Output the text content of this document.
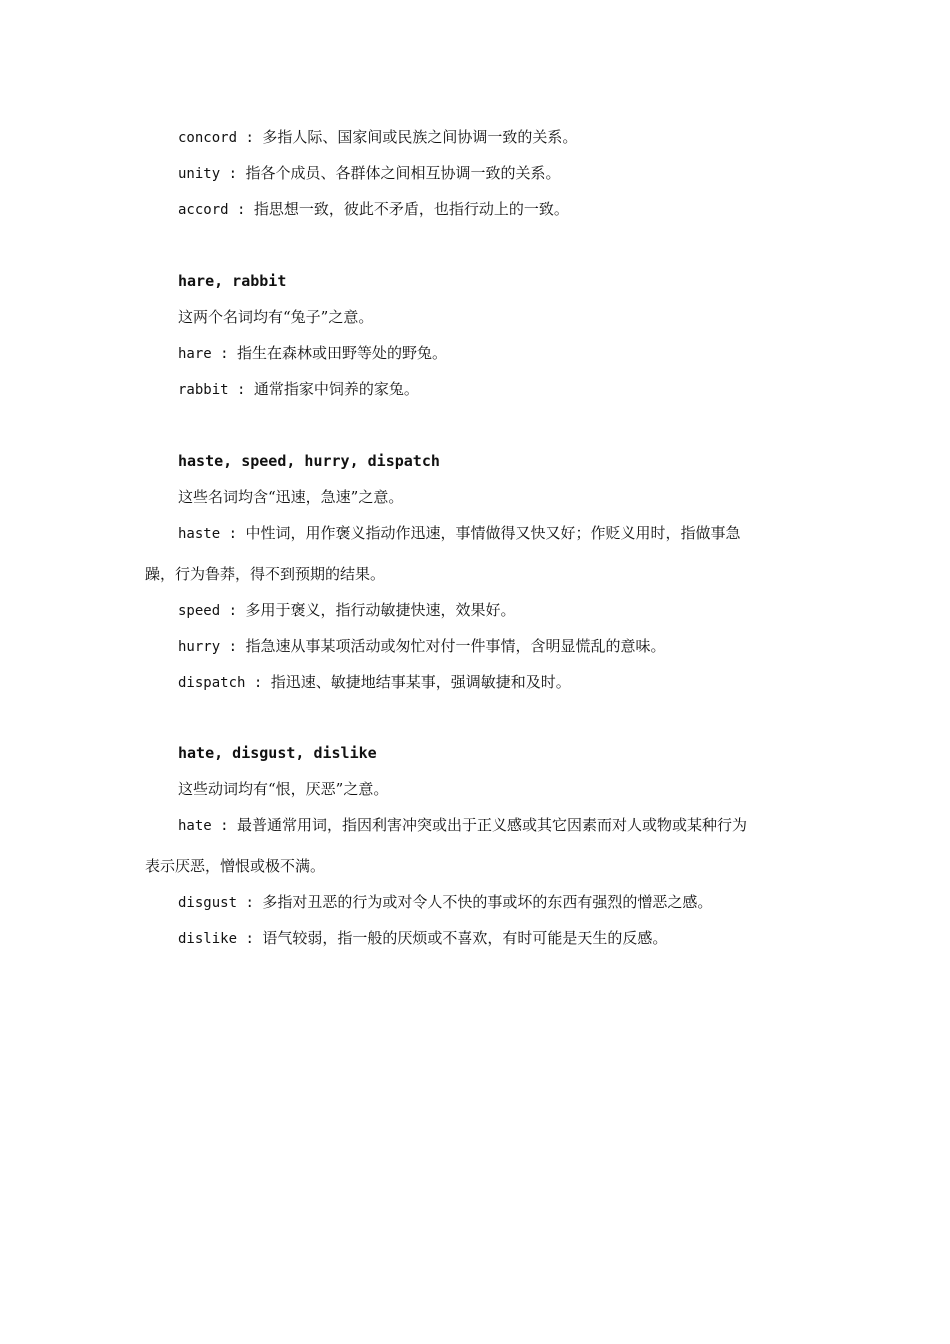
concord : 多指人际、国家间或民族之间协调一致的关系。
unity : 指各个成员、各群体之间相互协调一致的关系。
accord : 指思想一致，彼此不矛盾，也指行动上的一致。
hare, rabbit
这两个名词均有“兔子”之意。
hare : 指生在森林或田野等处的野兔。
rabbit : 通常指家中饲养的家兔。
haste, speed, hurry, dispatch
这些名词均含“迅速，急速”之意。
haste : 中性词，用作褒义指动作迅速，事情做得又快又好；作贬义用时，指做事急
躁，行为鲁莽，得不到预期的结果。
speed : 多用于褒义，指行动敏捷快速，效果好。
hurry : 指急速从事某项活动或匆忙对付一件事情，含明显慌乱的意味。
dispatch : 指迅速、敏捷地结事某事，强调敏捷和及时。
hate, disgust, dislike
这些动词均有“恨，厌恶”之意。
hate : 最普通常用词，指因利害冲突或出于正义感或其它因素而对人或物或某种行为
表示厌恶，憎恨或极不满。
disgust : 多指对丑恶的行为或对令人不快的事或坏的东西有强烈的憎恶之感。
dislike : 语气较弱，指一般的厌烦或不喜欢，有时可能是天生的反感。
